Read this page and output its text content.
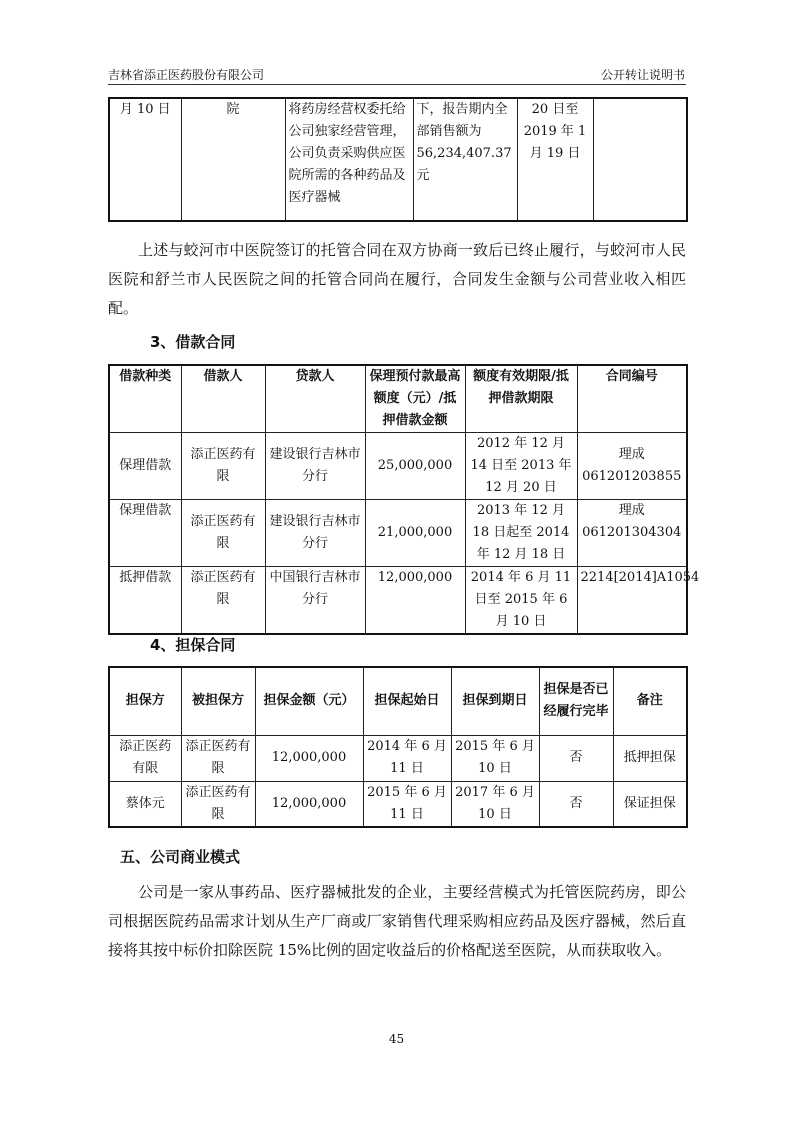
吉林省添正医药股份有限公司	公开转让说明书
月 10 日	院	将药房经营权委托给公司独家经营管理，公司负责采购供应医院所需的各种药品及医疗器械	下，报告期内全部销售额为 56,234,407.37 元	20 日至 2019 年 1 月 19 日	
上述与蛟河市中医院签订的托管合同在双方协商一致后已终止履行，与蛟河市人民医院和舒兰市人民医院之间的托管合同尚在履行，合同发生金额与公司营业收入相匹配。
3、借款合同
借款种类	借款人	贷款人	保理预付款最高额度（元）/抵押借款金额	额度有效期限/抵押借款期限	合同编号
保理借款	添正医药有限	建设银行吉林市分行	25,000,000	2012 年 12 月 14 日至 2013 年 12 月 20 日	理成 061201203855
保理借款	添正医药有限	建设银行吉林市分行	21,000,000	2013 年 12 月 18 日起至 2014 年 12 月 18 日	理成 061201304304
抵押借款	添正医药有限	中国银行吉林市分行	12,000,000	2014 年 6 月 11 日至 2015 年 6 月 10 日	2214[2014]A1054
4、担保合同
担保方	被担保方	担保金额（元）	担保起始日	担保到期日	担保是否已经履行完毕	备注
添正医药有限	添正医药有限	12,000,000	2014 年 6 月 11 日	2015 年 6 月 10 日	否	抵押担保
蔡体元	添正医药有限	12,000,000	2015 年 6 月 11 日	2017 年 6 月 10 日	否	保证担保
五、公司商业模式
公司是一家从事药品、医疗器械批发的企业，主要经营模式为托管医院药房，即公司根据医院药品需求计划从生产厂商或厂家销售代理采购相应药品及医疗器械，然后直接将其按中标价扣除医院 15%比例的固定收益后的价格配送至医院，从而获取收入。
45
